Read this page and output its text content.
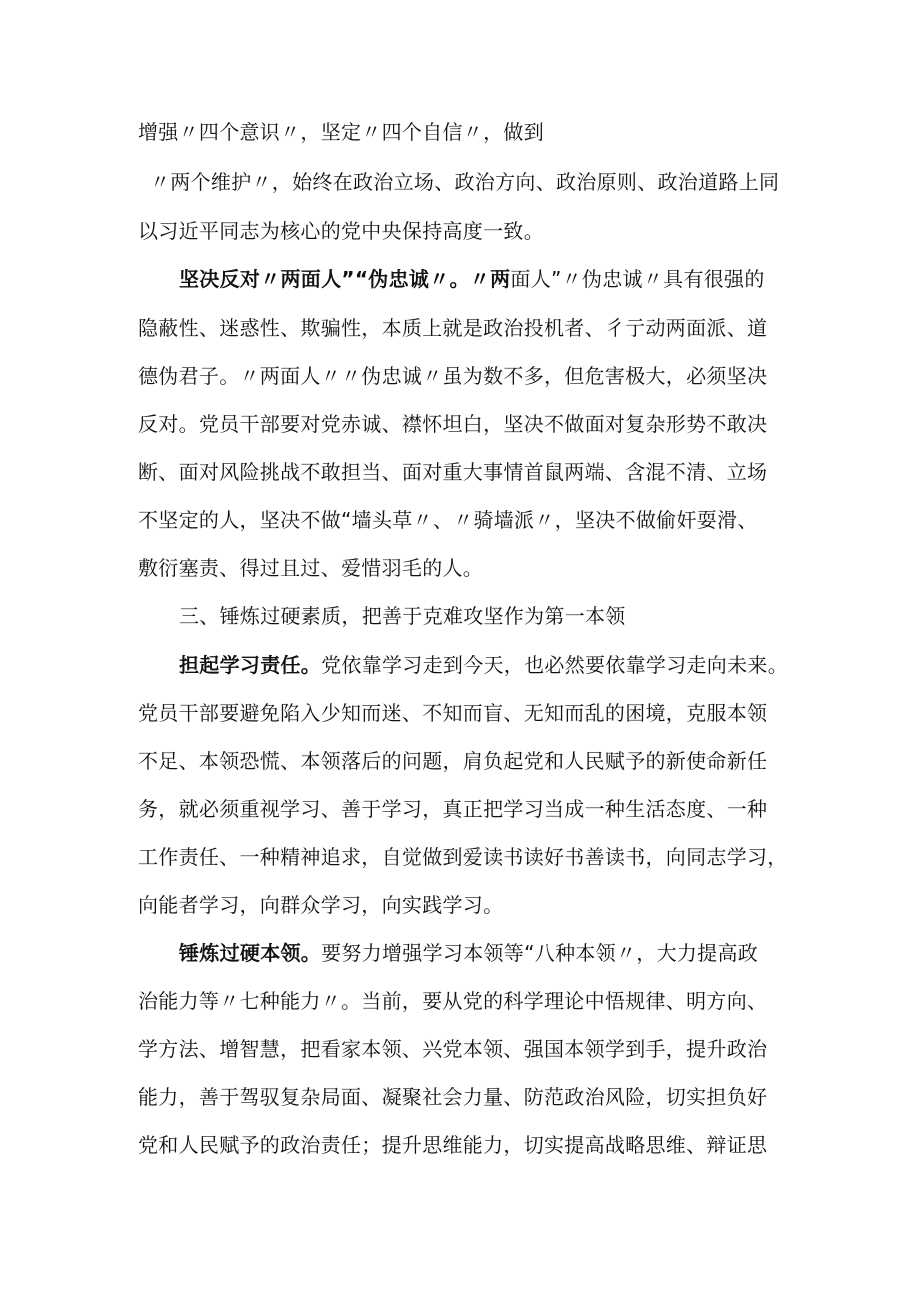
增强〃四个意识〃，坚定〃四个自信〃，做到
〃两个维护〃，始终在政治立场、政治方向、政治原则、政治道路上同
以习近平同志为核心的党中央保持高度一致。
坚决反对〃两面人”“伪忠诚〃。〃两面人”〃伪忠诚〃具有很强的
隐蔽性、迷惑性、欺骗性，本质上就是政治投机者、彳亍动两面派、道
德伪君子。〃两面人〃〃伪忠诚〃虽为数不多，但危害极大，必须坚决
反对。党员干部要对党赤诚、襟怀坦白，坚决不做面对复杂形势不敢决
断、面对风险挑战不敢担当、面对重大事情首鼠两端、含混不清、立场
不坚定的人，坚决不做“墙头草〃、〃骑墙派〃，坚决不做偷奸耍滑、
敷衍塞责、得过且过、爱惜羽毛的人。
三、锤炼过硬素质，把善于克难攻坚作为第一本领
担起学习责任。党依靠学习走到今天，也必然要依靠学习走向未来。
党员干部要避免陷入少知而迷、不知而盲、无知而乱的困境，克服本领
不足、本领恐慌、本领落后的问题，肩负起党和人民赋予的新使命新任
务，就必须重视学习、善于学习，真正把学习当成一种生活态度、一种
工作责任、一种精神追求，自觉做到爱读书读好书善读书，向同志学习，
向能者学习，向群众学习，向实践学习。
锤炼过硬本领。要努力增强学习本领等“八种本领〃，大力提高政
治能力等〃七种能力〃。当前，要从党的科学理论中悟规律、明方向、
学方法、增智慧，把看家本领、兴党本领、强国本领学到手，提升政治
能力，善于驾驭复杂局面、凝聚社会力量、防范政治风险，切实担负好
党和人民赋予的政治责任；提升思维能力，切实提高战略思维、辩证思
